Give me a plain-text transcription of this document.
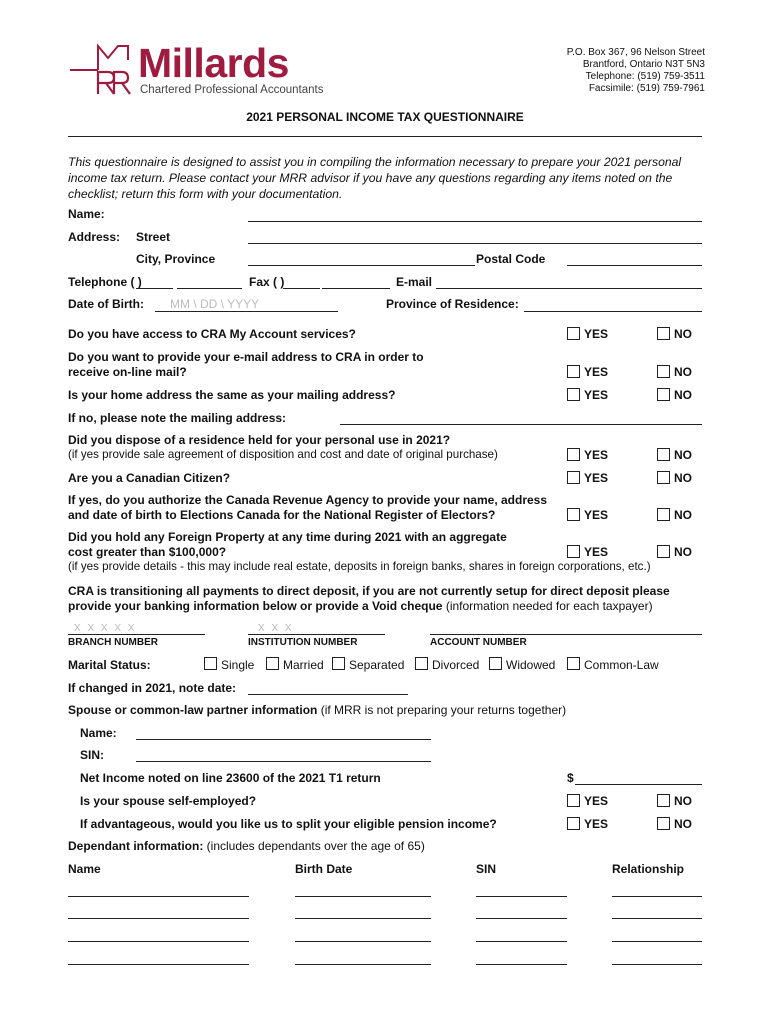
Millards
Chartered Professional Accountants
P.O. Box 367, 96 Nelson Street
Brantford, Ontario N3T 5N3
Telephone: (519) 759-3511
Facsimile: (519) 759-7961
2021 PERSONAL INCOME TAX QUESTIONNAIRE
This questionnaire is designed to assist you in compiling the information necessary to prepare your 2021 personal income tax return. Please contact your MRR advisor if you have any questions regarding any items noted on the checklist; return this form with your documentation.
Name:
Address: Street
City, Province	Postal Code
Telephone ( )	Fax ( )	E-mail
Date of Birth: MM \ DD \ YYYY	Province of Residence:
Do you have access to CRA My Account services?	YES	NO
Do you want to provide your e-mail address to CRA in order to
receive on-line mail?	YES	NO
Is your home address the same as your mailing address?	YES	NO
If no, please note the mailing address:
Did you dispose of a residence held for your personal use in 2021?
(if yes provide sale agreement of disposition and cost and date of original purchase)	YES	NO
Are you a Canadian Citizen?	YES	NO
If yes, do you authorize the Canada Revenue Agency to provide your name, address
and date of birth to Elections Canada for the National Register of Electors?	YES	NO
Did you hold any Foreign Property at any time during 2021 with an aggregate
cost greater than $100,000?	YES	NO
(if yes provide details - this may include real estate, deposits in foreign banks, shares in foreign corporations, etc.)
CRA is transitioning all payments to direct deposit, if you are not currently setup for direct deposit please
provide your banking information below or provide a Void cheque (information needed for each taxpayer)
X X X X X	X X X
BRANCH NUMBER	INSTITUTION NUMBER	ACCOUNT NUMBER
Marital Status:	Single Married Separated Divorced Widowed Common-Law
If changed in 2021, note date:
Spouse or common-law partner information (if MRR is not preparing your returns together)
Name:
SIN:
Net Income noted on line 23600 of the 2021 T1 return	$
Is your spouse self-employed?	YES	NO
If advantageous, would you like us to split your eligible pension income?	YES	NO
Dependant information: (includes dependants over the age of 65)
Name	Birth Date	SIN	Relationship
